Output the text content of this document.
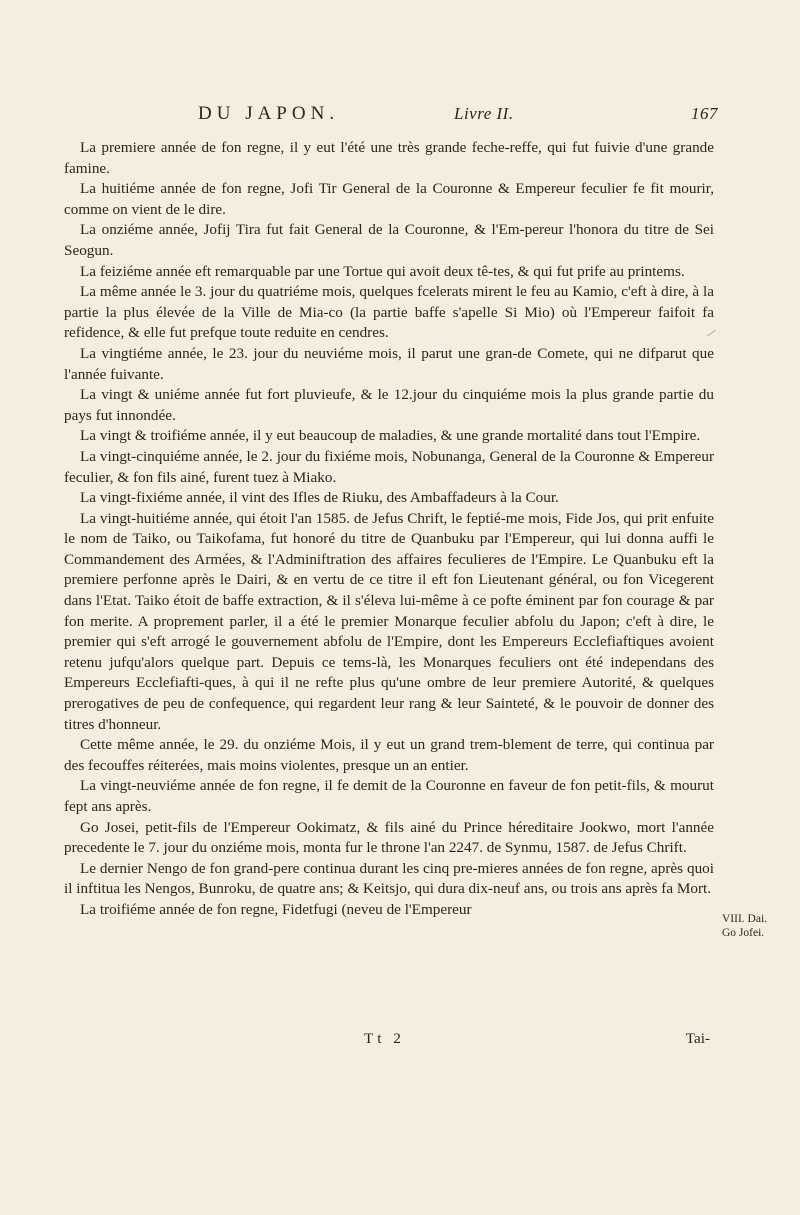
DU JAPON.	Livre II.	167

La premiere année de fon regne, il y eut l'été une très grande feche-reffe, qui fut fuivie d'une grande famine.

La huitiéme année de fon regne, Jofi Tir General de la Couronne & Empereur feculier fe fit mourir, comme on vient de le dire.

La onziéme année, Jofij Tira fut fait General de la Couronne, & l'Em-pereur l'honora du titre de Sei Seogun.

La feiziéme année eft remarquable par une Tortue qui avoit deux tê-tes, & qui fut prife au printems.

La même année le 3. jour du quatriéme mois, quelques fcelerats mirent le feu au Kamio, c'eft à dire, à la partie la plus élevée de la Ville de Mia-co (la partie baffe s'apelle Si Mio) où l'Empereur faifoit fa refidence, & elle fut prefque toute reduite en cendres.

La vingtiéme année, le 23. jour du neuviéme mois, il parut une gran-de Comete, qui ne difparut que l'année fuivante.

La vingt & uniéme année fut fort pluvieufe, & le 12.jour du cinquiéme mois la plus grande partie du pays fut innondée.

La vingt & troifiéme année, il y eut beaucoup de maladies, & une grande mortalité dans tout l'Empire.

La vingt-cinquiéme année, le 2. jour du fixiéme mois, Nobunanga, General de la Couronne & Empereur feculier, & fon fils ainé, furent tuez à Miako.

La vingt-fixiéme année, il vint des Ifles de Riuku, des Ambaffadeurs à la Cour.

La vingt-huitiéme année, qui étoit l'an 1585. de Jefus Chrift, le feptié-me mois, Fide Jos, qui prit enfuite le nom de Taiko, ou Taikofama, fut honoré du titre de Quanbuku par l'Empereur, qui lui donna auffi le Commandement des Armées, & l'Adminiftration des affaires feculieres de l'Empire. Le Quanbuku eft la premiere perfonne après le Dairi, & en vertu de ce titre il eft fon Lieutenant général, ou fon Vicegerent dans l'Etat. Taiko étoit de baffe extraction, & il s'éleva lui-même à ce pofte éminent par fon courage & par fon merite. A proprement parler, il a été le premier Monarque feculier abfolu du Japon; c'eft à dire, le premier qui s'eft arrogé le gouvernement abfolu de l'Empire, dont les Empereurs Ecclefiaftiques avoient retenu jufqu'alors quelque part. Depuis ce tems-là, les Monarques feculiers ont été independans des Empereurs Ecclefiafti-ques, à qui il ne refte plus qu'une ombre de leur premiere Autorité, & quelques prerogatives de peu de confequence, qui regardent leur rang & leur Sainteté, & le pouvoir de donner des titres d'honneur.

Cette même année, le 29. du onziéme Mois, il y eut un grand trem-blement de terre, qui continua par des fecouffes réiterées, mais moins violentes, presque un an entier.

La vingt-neuviéme année de fon regne, il fe demit de la Couronne en faveur de fon petit-fils, & mourut fept ans après.

Go Josei, petit-fils de l'Empereur Ookimatz, & fils ainé du Prince héreditaire Jookwo, mort l'année precedente le 7. jour du onziéme mois, monta fur le throne l'an 2247. de Synmu, 1587. de Jefus Chrift.

Le dernier Nengo de fon grand-pere continua durant les cinq pre-mieres années de fon regne, après quoi il inftitua les Nengos, Bunroku, de quatre ans; & Keitsjo, qui dura dix-neuf ans, ou trois ans après fa Mort.

La troifiéme année de fon regne, Fidetfugi (neveu de l'Empereur

VIII. Dai.
Go Jofei.
Tt 2	Tai-
